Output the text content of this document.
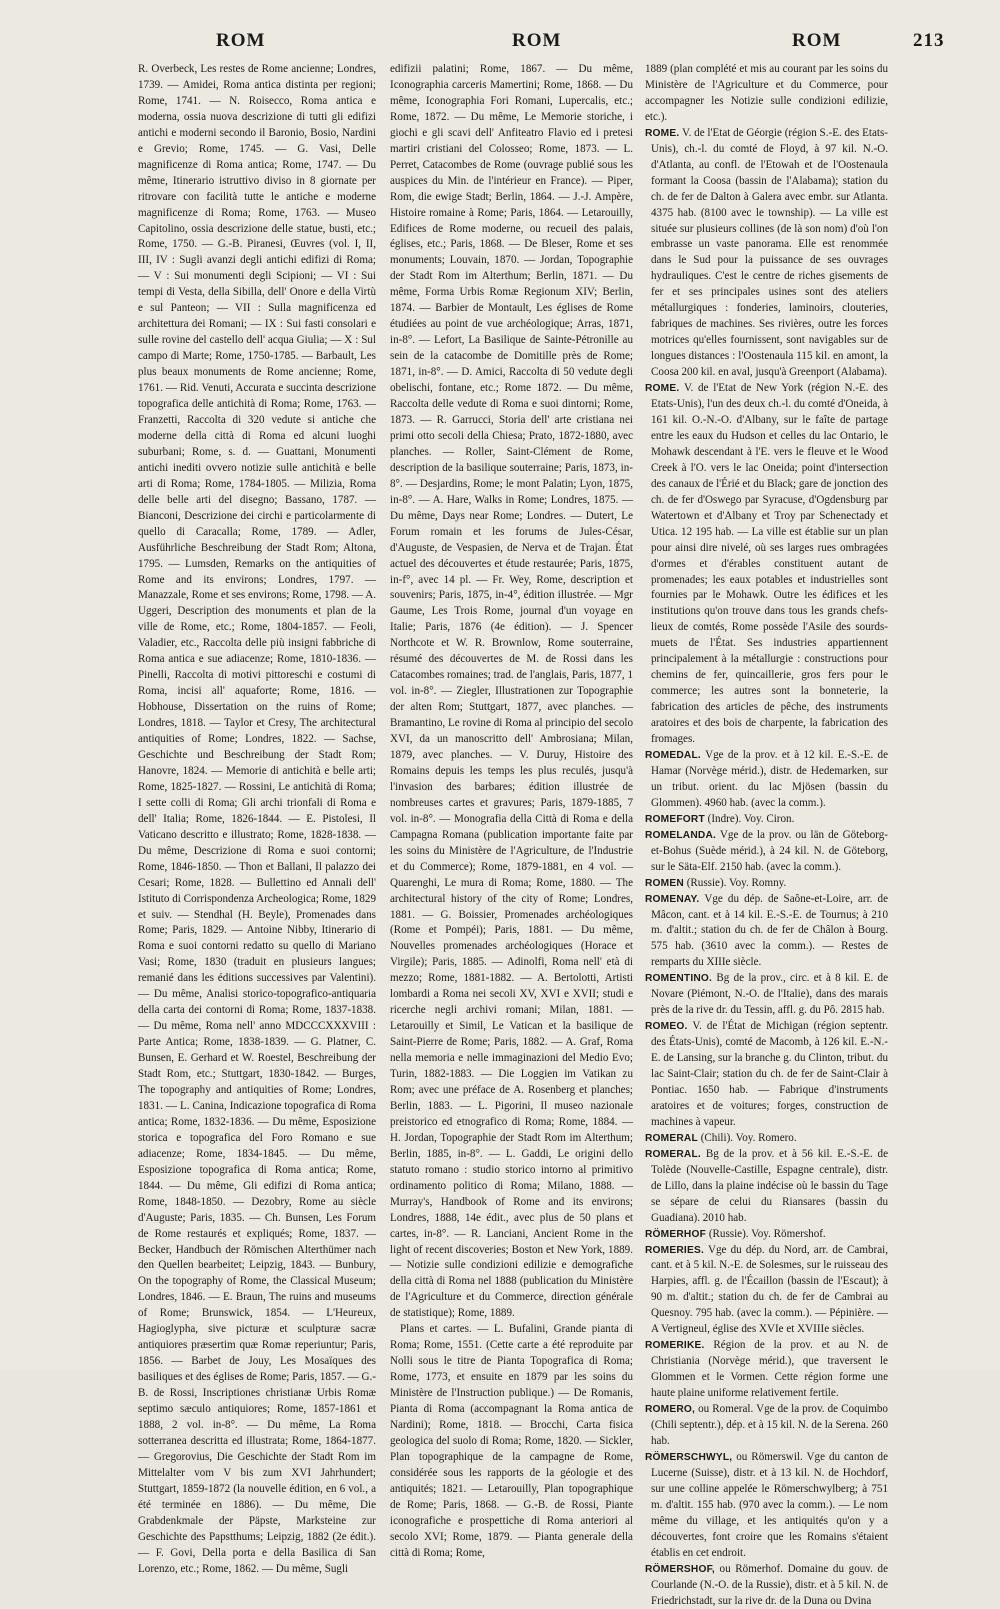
ROM	ROM	ROM	213

R. Overbeck, Les restes de Rome ancienne; Londres, 1739. — Amidei, Roma antica distinta per regioni; Rome, 1741. — N. Roisecco, Roma antica e moderna, ossia nuova descrizione di tutti gli edifizi antichi e moderni secondo il Baronio, Bosio, Nardini e Grevio; Rome, 1745. — G. Vasi, Delle magnificenze di Roma antica; Rome, 1747. — Du même, Itinerario istruttivo diviso in 8 giornate per ritrovare con facilità tutte le antiche e moderne magnificenze di Roma; Rome, 1763. — Museo Capitolino, ossia descrizione delle statue, busti, etc.; Rome, 1750. — G.-B. Piranesi, Œuvres (vol. I, II, III, IV : Sugli avanzi degli antichi edifizi di Roma; — V : Sui monumenti degli Scipioni; — VI : Sui tempi di Vesta, della Sibilla, dell' Onore e della Virtù e sul Panteon; — VII : Sulla magnificenza ed architettura dei Romani; — IX : Sui fasti consolari e sulle rovine del castello dell' acqua Giulia; — X : Sul campo di Marte; Rome, 1750-1785. — Barbault, Les plus beaux monuments de Rome ancienne; Rome, 1761. — Rid. Venuti, Accurata e succinta descrizione topografica delle antichità di Roma; Rome, 1763. — Franzetti, Raccolta di 320 vedute si antiche che moderne della città di Roma ed alcuni luoghi suburbani; Rome, s. d. — Guattani, Monumenti antichi inediti ovvero notizie sulle antichità e belle arti di Roma; Rome, 1784-1805. — Milizia, Roma delle belle arti del disegno; Bassano, 1787. — Bianconi, Descrizione dei circhi e particolarmente di quello di Caracalla; Rome, 1789. — Adler, Ausführliche Beschreibung der Stadt Rom; Altona, 1795. — Lumsden, Remarks on the antiquities of Rome and its environs; Londres, 1797. — Manazzale, Rome et ses environs; Rome, 1798. — A. Uggeri, Description des monuments et plan de la ville de Rome, etc.; Rome, 1804-1857. — Feoli, Valadier, etc., Raccolta delle più insigni fabbriche di Roma antica e sue adiacenze; Rome, 1810-1836. — Pinelli, Raccolta di motivi pittoreschi e costumi di Roma, incisi all' aquaforte; Rome, 1816. — Hobhouse, Dissertation on the ruins of Rome; Londres, 1818. — Taylor et Cresy, The architectural antiquities of Rome; Londres, 1822. — Sachse, Geschichte und Beschreibung der Stadt Rom; Hanovre, 1824. — Memorie di antichità e belle arti; Rome, 1825-1827. — Rossini, Le antichità di Roma; I sette colli di Roma; Gli archi trionfali di Roma e dell' Italia; Rome, 1826-1844. — E. Pistolesi, Il Vaticano descritto e illustrato; Rome, 1828-1838. — Du même, Descrizione di Roma e suoi contorni; Rome, 1846-1850. — Thon et Ballani, Il palazzo dei Cesari; Rome, 1828. — Bullettino ed Annali dell' Istituto di Corrispondenza Archeologica; Rome, 1829 et suiv. — Stendhal (H. Beyle), Promenades dans Rome; Paris, 1829. — Antoine Nibby, Itinerario di Roma e suoi contorni redatto su quello di Mariano Vasi; Rome, 1830 (traduit en plusieurs langues; remanié dans les éditions successives par Valentini). — Du même, Analisi storico-topografico-antiquaria della carta dei contorni di Roma; Rome, 1837-1838. — Du même, Roma nell' anno MDCCCXXXVIII : Parte Antica; Rome, 1838-1839. — G. Platner, C. Bunsen, E. Gerhard et W. Roestel, Beschreibung der Stadt Rom, etc.; Stuttgart, 1830-1842. — Burges, The topography and antiquities of Rome; Londres, 1831. — L. Canina, Indicazione topografica di Roma antica; Rome, 1832-1836. — Du même, Esposizione storica e topografica del Foro Romano e sue adiacenze; Rome, 1834-1845. — Du même, Esposizione topografica di Roma antica; Rome, 1844. — Du même, Gli edifizi di Roma antica; Rome, 1848-1850. — Dezobry, Rome au siècle d'Auguste; Paris, 1835. — Ch. Bunsen, Les Forum de Rome restaurés et expliqués; Rome, 1837. — Becker, Handbuch der Römischen Alterthümer nach den Quellen bearbeitet; Leipzig, 1843. — Bunbury, On the topography of Rome, the Classical Museum; Londres, 1846. — E. Braun, The ruins and museums of Rome; Brunswick, 1854. — L'Heureux, Hagioglypha, sive picturæ et sculpturæ sacræ antiquiores præsertim quæ Romæ reperiuntur; Paris, 1856. — Barbet de Jouy, Les Mosaïques des basiliques et des églises de Rome; Paris, 1857. — G.-B. de Rossi, Inscriptiones christianæ Urbis Romæ septimo sæculo antiquiores; Rome, 1857-1861 et 1888, 2 vol. in-8°. — Du même, La Roma sotterranea descritta ed illustrata; Rome, 1864-1877. — Gregorovius, Die Geschichte der Stadt Rom im Mittelalter vom V bis zum XVI Jahrhundert; Stuttgart, 1859-1872 (la nouvelle édition, en 6 vol., a été terminée en 1886). — Du même, Die Grabdenkmale der Päpste, Marksteine zur Geschichte des Papstthums; Leipzig, 1882 (2e édit.). — F. Govi, Della porta e della Basilica di San Lorenzo, etc.; Rome, 1862. — Du même, Sugli

edifizii palatini; Rome, 1867. — Du même, Iconographia carceris Mamertini; Rome, 1868. — Du même, Iconographia Fori Romani, Lupercalis, etc.; Rome, 1872. — Du même, Le Memorie storiche, i giochi e gli scavi dell' Anfiteatro Flavio ed i pretesi martiri cristiani del Colosseo; Rome, 1873. — L. Perret, Catacombes de Rome (ouvrage publié sous les auspices du Min. de l'intérieur en France). — Piper, Rom, die ewige Stadt; Berlin, 1864. — J.-J. Ampère, Histoire romaine à Rome; Paris, 1864. — Letarouilly, Edifices de Rome moderne, ou recueil des palais, églises, etc.; Paris, 1868. — De Bleser, Rome et ses monuments; Louvain, 1870. — Jordan, Topographie der Stadt Rom im Alterthum; Berlin, 1871. — Du même, Forma Urbis Romæ Regionum XIV; Berlin, 1874. — Barbier de Montault, Les églises de Rome étudiées au point de vue archéologique; Arras, 1871, in-8°. — Lefort, La Basilique de Sainte-Pétronille au sein de la catacombe de Domitille près de Rome; 1871, in-8°. — D. Amici, Raccolta di 50 vedute degli obelischi, fontane, etc.; Rome 1872. — Du même, Raccolta delle vedute di Roma e suoi dintorni; Rome, 1873. — R. Garrucci, Storia dell' arte cristiana nei primi otto secoli della Chiesa; Prato, 1872-1880, avec planches. — Roller, Saint-Clément de Rome, description de la basilique souterraine; Paris, 1873, in-8°. — Desjardins, Rome; le mont Palatin; Lyon, 1875, in-8°. — A. Hare, Walks in Rome; Londres, 1875. — Du même, Days near Rome; Londres. — Dutert, Le Forum romain et les forums de Jules-César, d'Auguste, de Vespasien, de Nerva et de Trajan. État actuel des découvertes et étude restaurée; Paris, 1875, in-f°, avec 14 pl. — Fr. Wey, Rome, description et souvenirs; Paris, 1875, in-4°, édition illustrée. — Mgr Gaume, Les Trois Rome, journal d'un voyage en Italie; Paris, 1876 (4e édition). — J. Spencer Northcote et W. R. Brownlow, Rome souterraine, résumé des découvertes de M. de Rossi dans les Catacombes romaines; trad. de l'anglais, Paris, 1877, 1 vol. in-8°. — Ziegler, Illustrationen zur Topographie der alten Rom; Stuttgart, 1877, avec planches. — Bramantino, Le rovine di Roma al principio del secolo XVI, da un manoscritto dell' Ambrosiana; Milan, 1879, avec planches. — V. Duruy, Histoire des Romains depuis les temps les plus reculés, jusqu'à l'invasion des barbares; édition illustrée de nombreuses cartes et gravures; Paris, 1879-1885, 7 vol. in-8°. — Monografia della Città di Roma e della Campagna Romana (publication importante faite par les soins du Ministère de l'Agriculture, de l'Industrie et du Commerce); Rome, 1879-1881, en 4 vol. — Quarenghi, Le mura di Roma; Rome, 1880. — The architectural history of the city of Rome; Londres, 1881. — G. Boissier, Promenades archéologiques (Rome et Pompéi); Paris, 1881. — Du même, Nouvelles promenades archéologiques (Horace et Virgile); Paris, 1885. — Adinolfi, Roma nell' età di mezzo; Rome, 1881-1882. — A. Bertolotti, Artisti lombardi a Roma nei secoli XV, XVI e XVII; studi e ricerche negli archivi romani; Milan, 1881. — Letarouilly et Simil, Le Vatican et la basilique de Saint-Pierre de Rome; Paris, 1882. — A. Graf, Roma nella memoria e nelle immaginazioni del Medio Evo; Turin, 1882-1883. — Die Loggien im Vatikan zu Rom; avec une préface de A. Rosenberg et planches; Berlin, 1883. — L. Pigorini, Il museo nazionale preistorico ed etnografico di Roma; Rome, 1884. — H. Jordan, Topographie der Stadt Rom im Alterthum; Berlin, 1885, in-8°. — L. Gaddi, Le origini dello statuto romano : studio storico intorno al primitivo ordinamento politico di Roma; Milano, 1888. — Murray's, Handbook of Rome and its environs; Londres, 1888, 14e édit., avec plus de 50 plans et cartes, in-8°. — R. Lanciani, Ancient Rome in the light of recent discoveries; Boston et New York, 1889. — Notizie sulle condizioni edilizie e demografiche della città di Roma nel 1888 (publication du Ministère de l'Agriculture et du Commerce, direction générale de statistique); Rome, 1889.

Plans et cartes. — L. Bufalini, Grande pianta di Roma; Rome, 1551. (Cette carte a été reproduite par Nolli sous le titre de Pianta Topografica di Roma; Rome, 1773, et ensuite en 1879 par les soins du Ministère de l'Instruction publique.) — De Romanis, Pianta di Roma (accompagnant la Roma antica de Nardini); Rome, 1818. — Brocchi, Carta fisica geologica del suolo di Roma; Rome, 1820. — Sickler, Plan topographique de la campagne de Rome, considérée sous les rapports de la géologie et des antiquités; 1821. — Letarouilly, Plan topographique de Rome; Paris, 1868. — G.-B. de Rossi, Piante iconografiche e prospettiche di Roma anteriori al secolo XVI; Rome, 1879. — Pianta generale della città di Roma; Rome,

1889 (plan complété et mis au courant par les soins du Ministère de l'Agriculture et du Commerce, pour accompagner les Notizie sulle condizioni edilizie, etc.).

ROME. V. de l'Etat de Géorgie (région S.-E. des Etats-Unis), ch.-l. du comté de Floyd, à 97 kil. N.-O. d'Atlanta, au confl. de l'Etowah et de l'Oostenaula formant la Coosa (bassin de l'Alabama); station du ch. de fer de Dalton à Galera avec embr. sur Atlanta. 4375 hab. (8100 avec le township). — La ville est située sur plusieurs collines (de là son nom) d'où l'on embrasse un vaste panorama. Elle est renommée dans le Sud pour la puissance de ses ouvrages hydrauliques. C'est le centre de riches gisements de fer et ses principales usines sont des ateliers métallurgiques : fonderies, laminoirs, clouteries, fabriques de machines. Ses rivières, outre les forces motrices qu'elles fournissent, sont navigables sur de longues distances : l'Oostenaula 115 kil. en amont, la Coosa 200 kil. en aval, jusqu'à Greenport (Alabama).

ROME. V. de l'Etat de New York (région N.-E. des Etats-Unis), l'un des deux ch.-l. du comté d'Oneida, à 161 kil. O.-N.-O. d'Albany, sur le faîte de partage entre les eaux du Hudson et celles du lac Ontario, le Mohawk descendant à l'E. vers le fleuve et le Wood Creek à l'O. vers le lac Oneida; point d'intersection des canaux de l'Érié et du Black; gare de jonction des ch. de fer d'Oswego par Syracuse, d'Ogdensburg par Watertown et d'Albany et Troy par Schenectady et Utica. 12 195 hab. — La ville est établie sur un plan pour ainsi dire nivelé, où ses larges rues ombragées d'ormes et d'érables constituent autant de promenades; les eaux potables et industrielles sont fournies par le Mohawk. Outre les édifices et les institutions qu'on trouve dans tous les grands chefs-lieux de comtés, Rome possède l'Asile des sourds-muets de l'État. Ses industries appartiennent principalement à la métallurgie : constructions pour chemins de fer, quincaillerie, gros fers pour le commerce; les autres sont la bonneterie, la fabrication des articles de pêche, des instruments aratoires et des bois de charpente, la fabrication des fromages.

ROMEDAL. Vge de la prov. et à 12 kil. E.-S.-E. de Hamar (Norvège mérid.), distr. de Hedemarken, sur un tribut. orient. du lac Mjösen (bassin du Glommen). 4960 hab. (avec la comm.).

ROMEFORT (Indre). Voy. Ciron.

ROMELANDA. Vge de la prov. ou län de Göteborg-et-Bohus (Suède mérid.), à 24 kil. N. de Göteborg, sur le Säta-Elf. 2150 hab. (avec la comm.).

ROMEN (Russie). Voy. Romny.

ROMENAY. Vge du dép. de Saône-et-Loire, arr. de Mâcon, cant. et à 14 kil. E.-S.-E. de Tournus; à 210 m. d'altit.; station du ch. de fer de Châlon à Bourg. 575 hab. (3610 avec la comm.). — Restes de remparts du XIIIe siècle.

ROMENTINO. Bg de la prov., circ. et à 8 kil. E. de Novare (Piémont, N.-O. de l'Italie), dans des marais près de la rive dr. du Tessin, affl. g. du Pô. 2815 hab.

ROMEO. V. de l'État de Michigan (région septentr. des États-Unis), comté de Macomb, à 126 kil. E.-N.-E. de Lansing, sur la branche g. du Clinton, tribut. du lac Saint-Clair; station du ch. de fer de Saint-Clair à Pontiac. 1650 hab. — Fabrique d'instruments aratoires et de voitures; forges, construction de machines à vapeur.

ROMERAL (Chili). Voy. Romero.

ROMERAL. Bg de la prov. et à 56 kil. E.-S.-E. de Tolède (Nouvelle-Castille, Espagne centrale), distr. de Lillo, dans la plaine indécise où le bassin du Tage se sépare de celui du Riansares (bassin du Guadiana). 2010 hab.

RÖMERHOF (Russie). Voy. Römershof.

ROMERIES. Vge du dép. du Nord, arr. de Cambrai, cant. et à 5 kil. N.-E. de Solesmes, sur le ruisseau des Harpies, affl. g. de l'Écaillon (bassin de l'Escaut); à 90 m. d'altit.; station du ch. de fer de Cambrai au Quesnoy. 795 hab. (avec la comm.). — Pépinière. — A Vertigneul, église des XVIe et XVIIIe siècles.

ROMERIKE. Région de la prov. et au N. de Christiania (Norvège mérid.), que traversent le Glommen et le Vormen. Cette région forme une haute plaine uniforme relativement fertile.

ROMERO, ou Romeral. Vge de la prov. de Coquimbo (Chili septentr.), dép. et à 15 kil. N. de la Serena. 260 hab.

RÖMERSCHWYL, ou Römerswil. Vge du canton de Lucerne (Suisse), distr. et à 13 kil. N. de Hochdorf, sur une colline appelée le Römerschwylberg; à 751 m. d'altit. 155 hab. (970 avec la comm.). — Le nom même du village, et les antiquités qu'on y a découvertes, font croire que les Romains s'étaient établis en cet endroit.

RÖMERSHOF, ou Römerhof. Domaine du gouv. de Courlande (N.-O. de la Russie), distr. et à 5 kil. N. de Friedrichstadt, sur la rive dr. de la Duna ou Dvina
